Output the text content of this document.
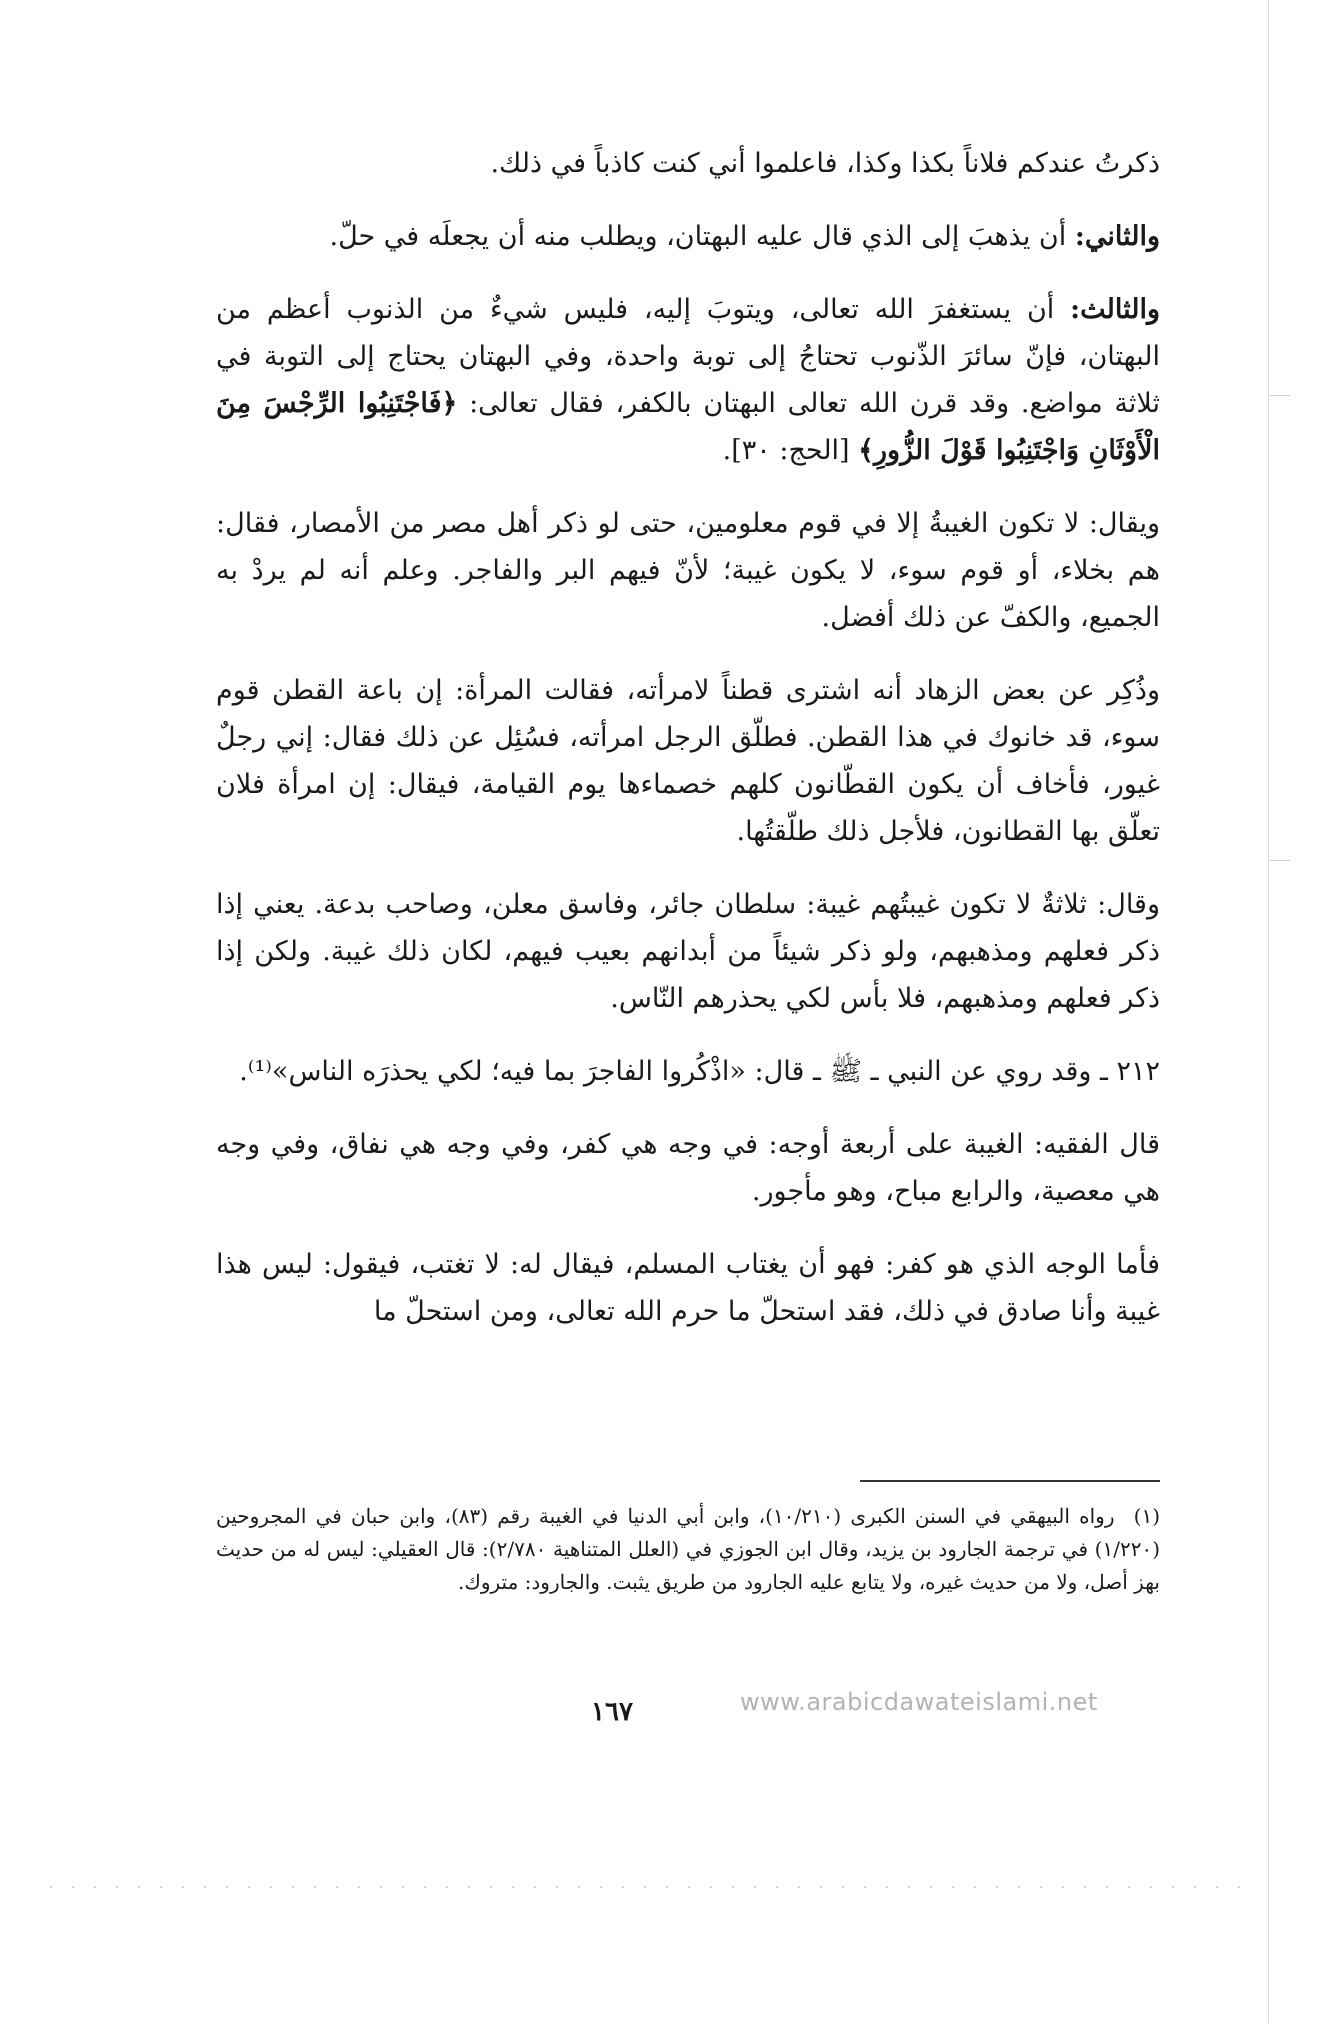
ذكرتُ عندكم فلاناً بكذا وكذا، فاعلموا أني كنت كاذباً في ذلك.

والثاني: أن يذهبَ إلى الذي قال عليه البهتان، ويطلب منه أن يجعلَه في حلّ.

والثالث: أن يستغفرَ الله تعالى، ويتوبَ إليه، فليس شيءٌ من الذنوب أعظم من البهتان، فإنّ سائرَ الذّنوب تحتاجُ إلى توبة واحدة، وفي البهتان يحتاج إلى التوبة في ثلاثة مواضع. وقد قرن الله تعالى البهتان بالكفر، فقال تعالى: ﴿فَاجْتَنِبُوا الرِّجْسَ مِنَ الْأَوْثَانِ وَاجْتَنِبُوا قَوْلَ الزُّورِ﴾ [الحج: ٣٠].

ويقال: لا تكون الغيبةُ إلا في قوم معلومين، حتى لو ذكر أهل مصر من الأمصار، فقال: هم بخلاء، أو قوم سوء، لا يكون غيبة؛ لأنّ فيهم البر والفاجر. وعلم أنه لم يردْ به الجميع، والكفّ عن ذلك أفضل.

وذُكِر عن بعض الزهاد أنه اشترى قطناً لامرأته، فقالت المرأة: إن باعة القطن قوم سوء، قد خانوك في هذا القطن. فطلّق الرجل امرأته، فسُئِل عن ذلك فقال: إني رجلٌ غيور، فأخاف أن يكون القطّانون كلهم خصماءها يوم القيامة، فيقال: إن امرأة فلان تعلّق بها القطانون، فلأجل ذلك طلّقتُها.

وقال: ثلاثةٌ لا تكون غيبتُهم غيبة: سلطان جائر، وفاسق معلن، وصاحب بدعة. يعني إذا ذكر فعلهم ومذهبهم، ولو ذكر شيئاً من أبدانهم بعيب فيهم، لكان ذلك غيبة. ولكن إذا ذكر فعلهم ومذهبهم، فلا بأس لكي يحذرهم النّاس.

٢١٢ ـ وقد روي عن النبي ـ ﷺ ـ قال: «اذْكُروا الفاجرَ بما فيه؛ لكي يحذرَه الناس»⁽¹⁾.

قال الفقيه: الغيبة على أربعة أوجه: في وجه هي كفر، وفي وجه هي نفاق، وفي وجه هي معصية، والرابع مباح، وهو مأجور.

فأما الوجه الذي هو كفر: فهو أن يغتاب المسلم، فيقال له: لا تغتب، فيقول: ليس هذا غيبة وأنا صادق في ذلك، فقد استحلّ ما حرم الله تعالى، ومن استحلّ ما

(١) رواه البيهقي في السنن الكبرى (١٠/٢١٠)، وابن أبي الدنيا في الغيبة رقم (٨٣)، وابن حبان في المجروحين (١/٢٢٠) في ترجمة الجارود بن يزيد، وقال ابن الجوزي في (العلل المتناهية ٢/٧٨٠): قال العقيلي: ليس له من حديث بهز أصل، ولا من حديث غيره، ولا يتابع عليه الجارود من طريق يثبت. والجارود: متروك.
١٦٧	www.arabicdawateislami.net
